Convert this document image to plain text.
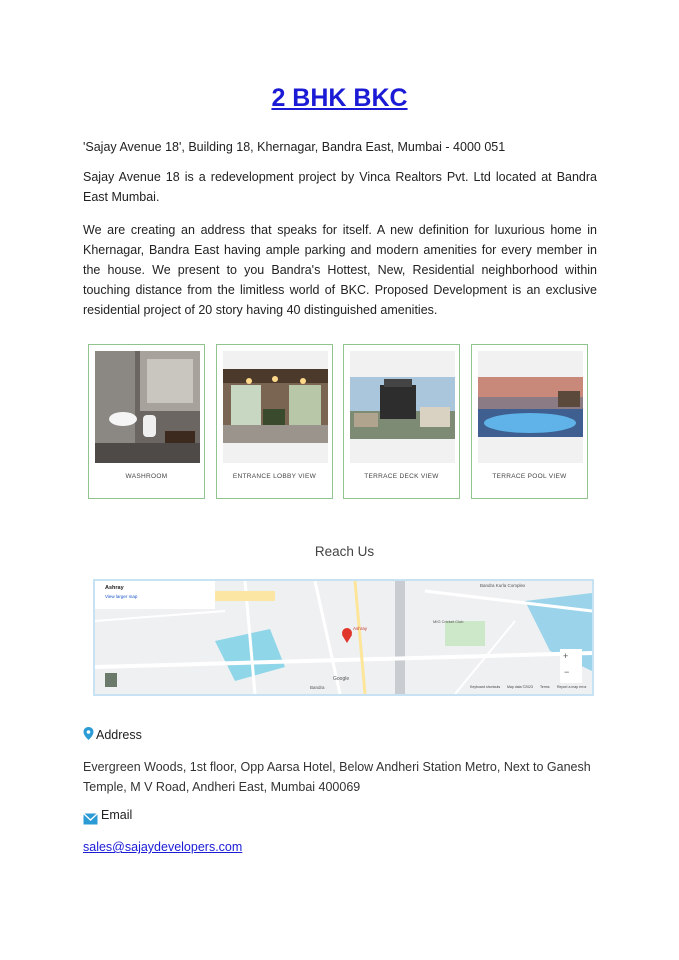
2 BHK BKC

'Sajay Avenue 18', Building 18, Khernagar, Bandra East, Mumbai - 4000 051

Sajay Avenue 18 is a redevelopment project by Vinca Realtors Pvt. Ltd located at Bandra East Mumbai.

We are creating an address that speaks for itself. A new definition for luxurious home in Khernagar, Bandra East having ample parking and modern amenities for every member in the house. We present to you Bandra's Hottest, New, Residential neighborhood within touching distance from the limitless world of BKC. Proposed Development is an exclusive residential project of 20 story having 40 distinguished amenities.

WASHROOM	ENTRANCE LOBBY VIEW	TERRACE DECK VIEW	TERRACE POOL VIEW
Reach Us
Ashray
View larger map
Ashray
Bandra Kurla Complex
MIG Cricket Club
Bandra
Google
Keyboard shortcuts Map data ©2023 Terms Report a map error
+
−
Address
Evergreen Woods, 1st floor, Opp Aarsa Hotel, Below Andheri Station Metro, Next to Ganesh Temple, M V Road, Andheri East, Mumbai 400069
Email
sales@sajaydevelopers.com
